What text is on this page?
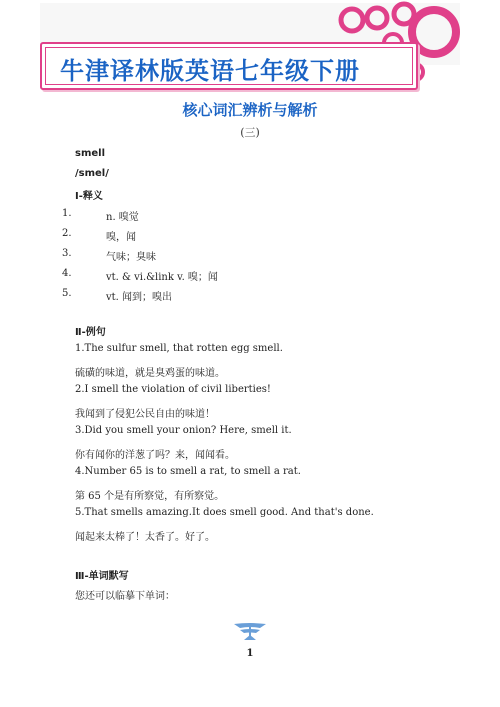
牛津译林版英语七年级下册
核心词汇辨析与解析
(三)
smell
/smel/
Ⅰ-释义
1.	n. 嗅觉
2.	嗅，闻
3.	气味；臭味
4.	vt. & vi.&link v. 嗅；闻
5.	vt. 闻到；嗅出
Ⅱ-例句
1.The sulfur smell, that rotten egg smell.
硫磺的味道，就是臭鸡蛋的味道。
2.I smell the violation of civil liberties!
我闻到了侵犯公民自由的味道！
3.Did you smell your onion? Here, smell it.
你有闻你的洋葱了吗？来，闻闻看。
4.Number 65 is to smell a rat, to smell a rat.
第 65 个是有所察觉，有所察觉。
5.That smells amazing.It does smell good. And that's done.
闻起来太棒了！太香了。好了。
Ⅲ-单词默写
您还可以临摹下单词：
1
